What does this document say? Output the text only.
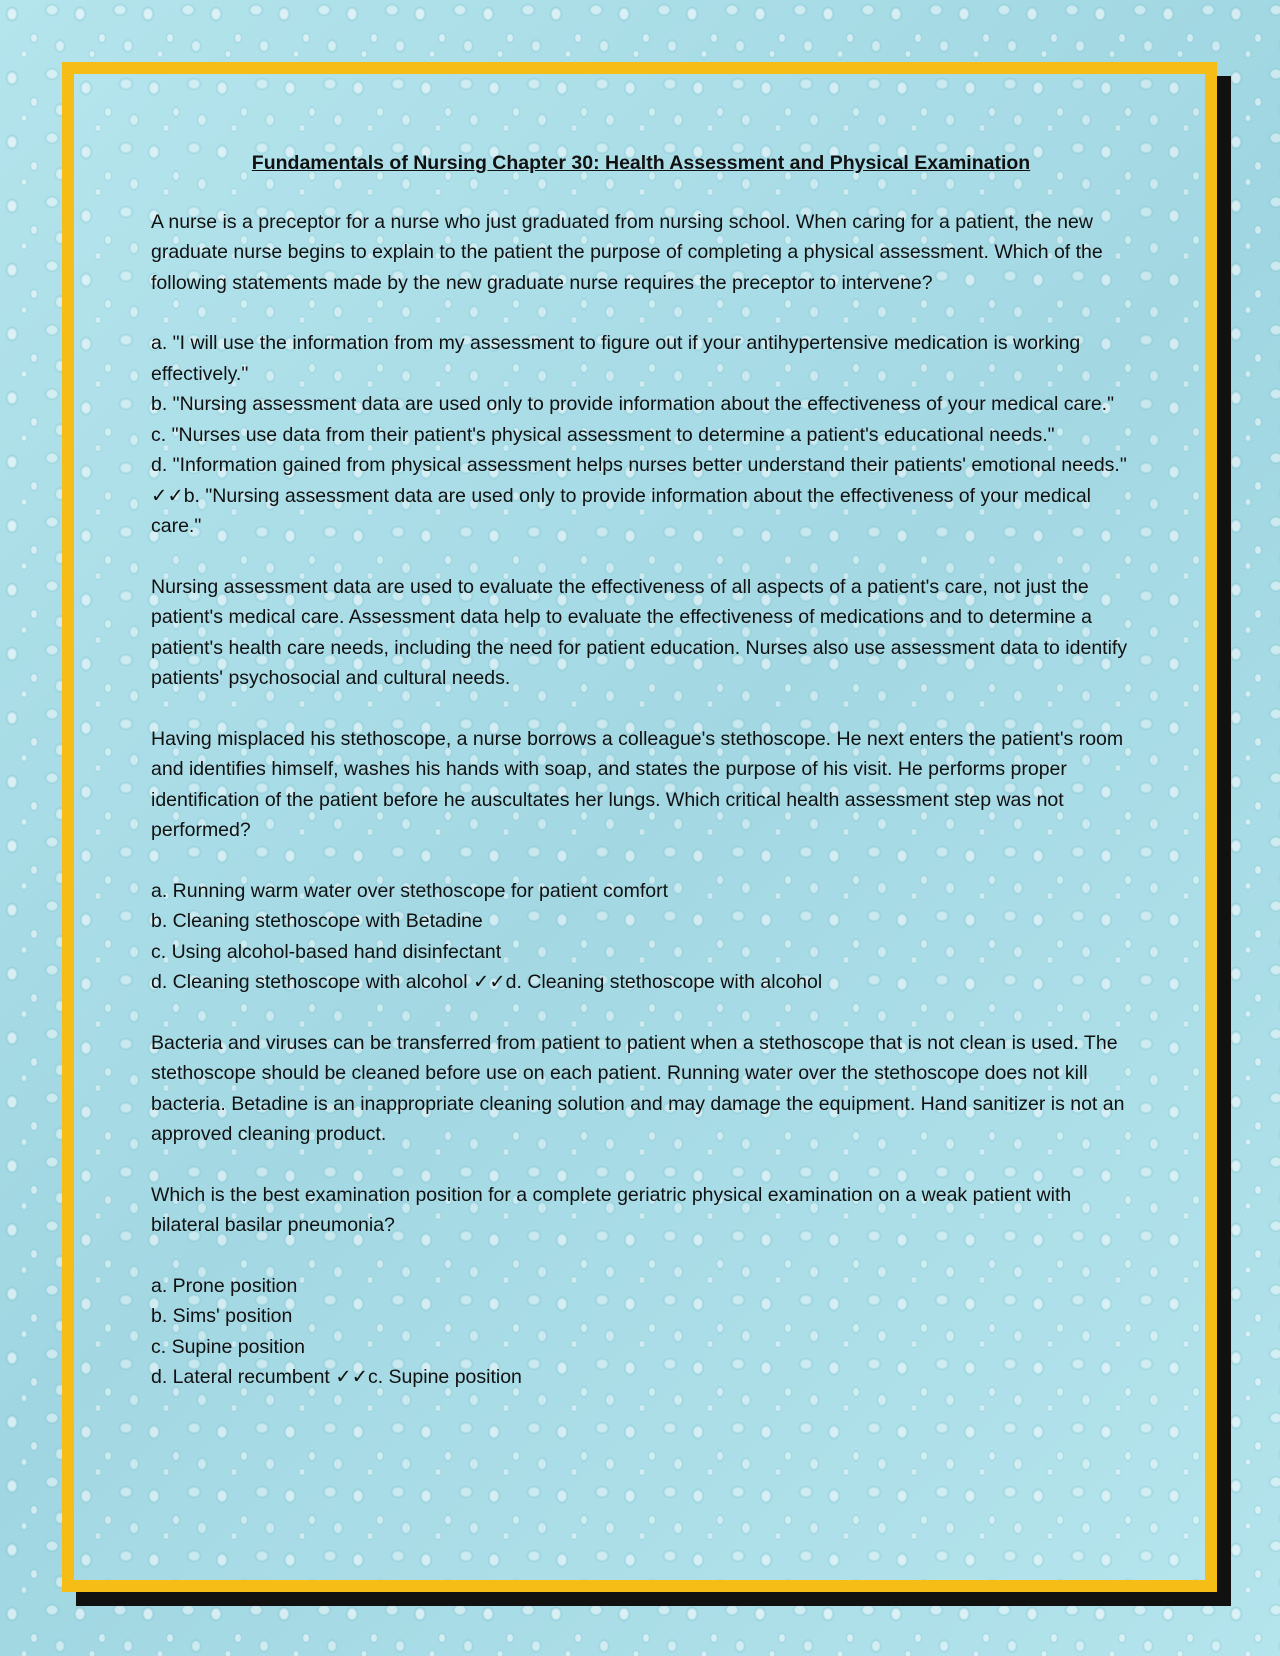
Fundamentals of Nursing Chapter 30: Health Assessment and Physical Examination
A nurse is a preceptor for a nurse who just graduated from nursing school. When caring for a patient, the new graduate nurse begins to explain to the patient the purpose of completing a physical assessment. Which of the following statements made by the new graduate nurse requires the preceptor to intervene?
a. "I will use the information from my assessment to figure out if your antihypertensive medication is working effectively."
b. "Nursing assessment data are used only to provide information about the effectiveness of your medical care."
c. "Nurses use data from their patient's physical assessment to determine a patient's educational needs."
d. "Information gained from physical assessment helps nurses better understand their patients' emotional needs." ✓✓b. "Nursing assessment data are used only to provide information about the effectiveness of your medical care."
Nursing assessment data are used to evaluate the effectiveness of all aspects of a patient's care, not just the patient's medical care. Assessment data help to evaluate the effectiveness of medications and to determine a patient's health care needs, including the need for patient education. Nurses also use assessment data to identify patients' psychosocial and cultural needs.
Having misplaced his stethoscope, a nurse borrows a colleague's stethoscope. He next enters the patient's room and identifies himself, washes his hands with soap, and states the purpose of his visit. He performs proper identification of the patient before he auscultates her lungs. Which critical health assessment step was not performed?
a. Running warm water over stethoscope for patient comfort
b. Cleaning stethoscope with Betadine
c. Using alcohol-based hand disinfectant
d. Cleaning stethoscope with alcohol ✓✓d. Cleaning stethoscope with alcohol
Bacteria and viruses can be transferred from patient to patient when a stethoscope that is not clean is used. The stethoscope should be cleaned before use on each patient. Running water over the stethoscope does not kill bacteria. Betadine is an inappropriate cleaning solution and may damage the equipment. Hand sanitizer is not an approved cleaning product.
Which is the best examination position for a complete geriatric physical examination on a weak patient with bilateral basilar pneumonia?
a. Prone position
b. Sims' position
c. Supine position
d. Lateral recumbent ✓✓c. Supine position
